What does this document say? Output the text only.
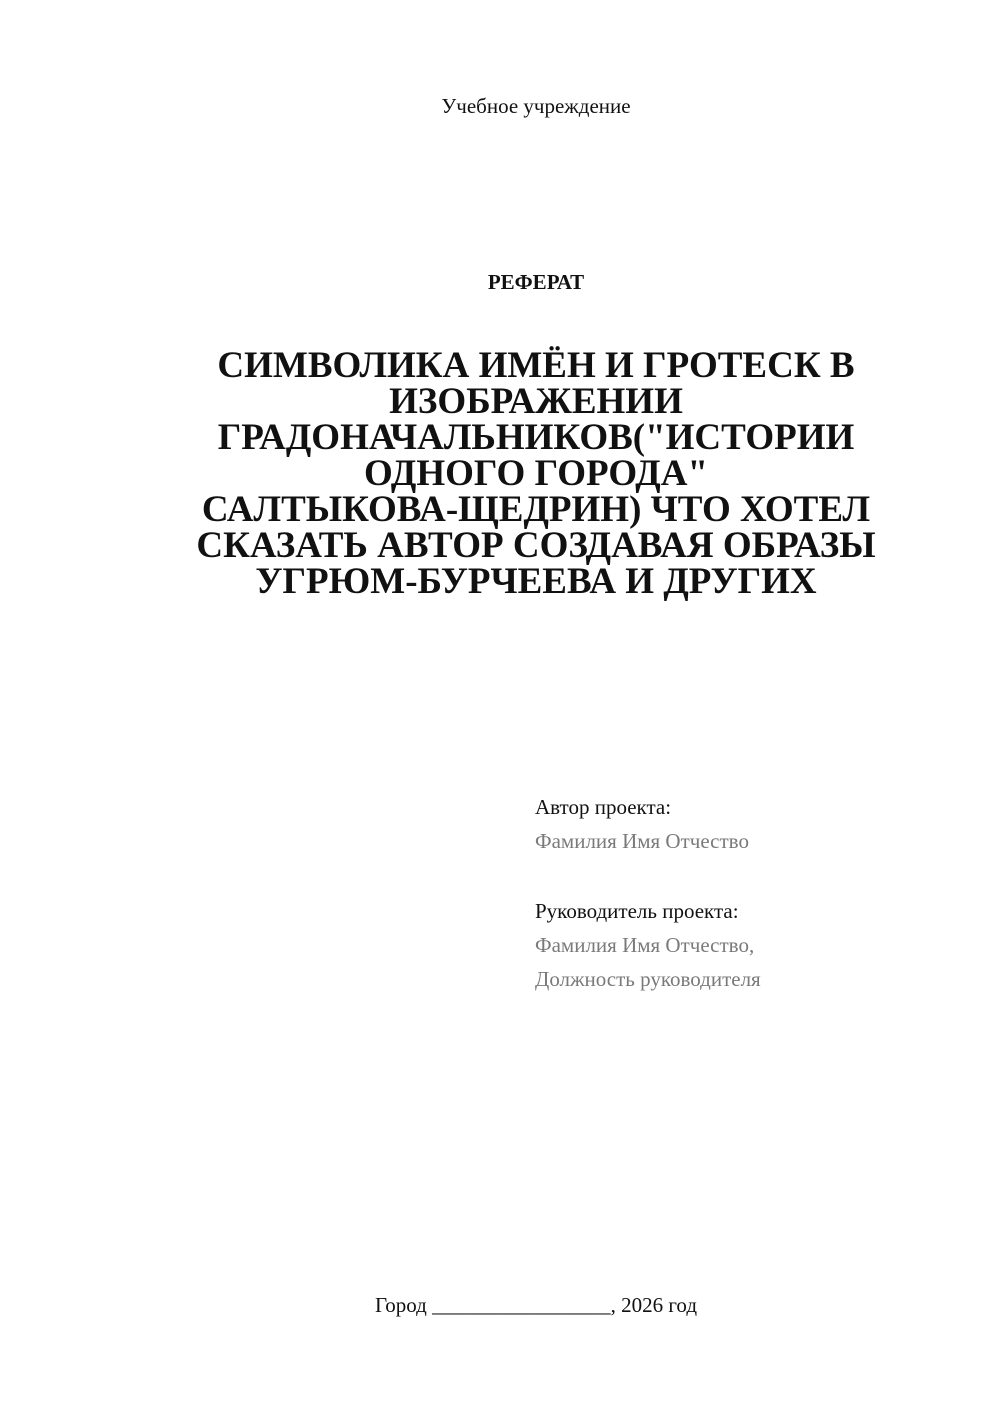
Учебное учреждение
РЕФЕРАТ
СИМВОЛИКА ИМЁН И ГРОТЕСК В
ИЗОБРАЖЕНИИ
ГРАДОНАЧАЛЬНИКОВ("ИСТОРИИ
ОДНОГО ГОРОДА"
САЛТЫКОВА-ЩЕДРИН) ЧТО ХОТЕЛ
СКАЗАТЬ АВТОР СОЗДАВАЯ ОБРАЗЫ
УГРЮМ-БУРЧЕЕВА И ДРУГИХ
Автор проекта:
Фамилия Имя Отчество
Руководитель проекта:
Фамилия Имя Отчество,
Должность руководителя
Город _________________, 2026 год
